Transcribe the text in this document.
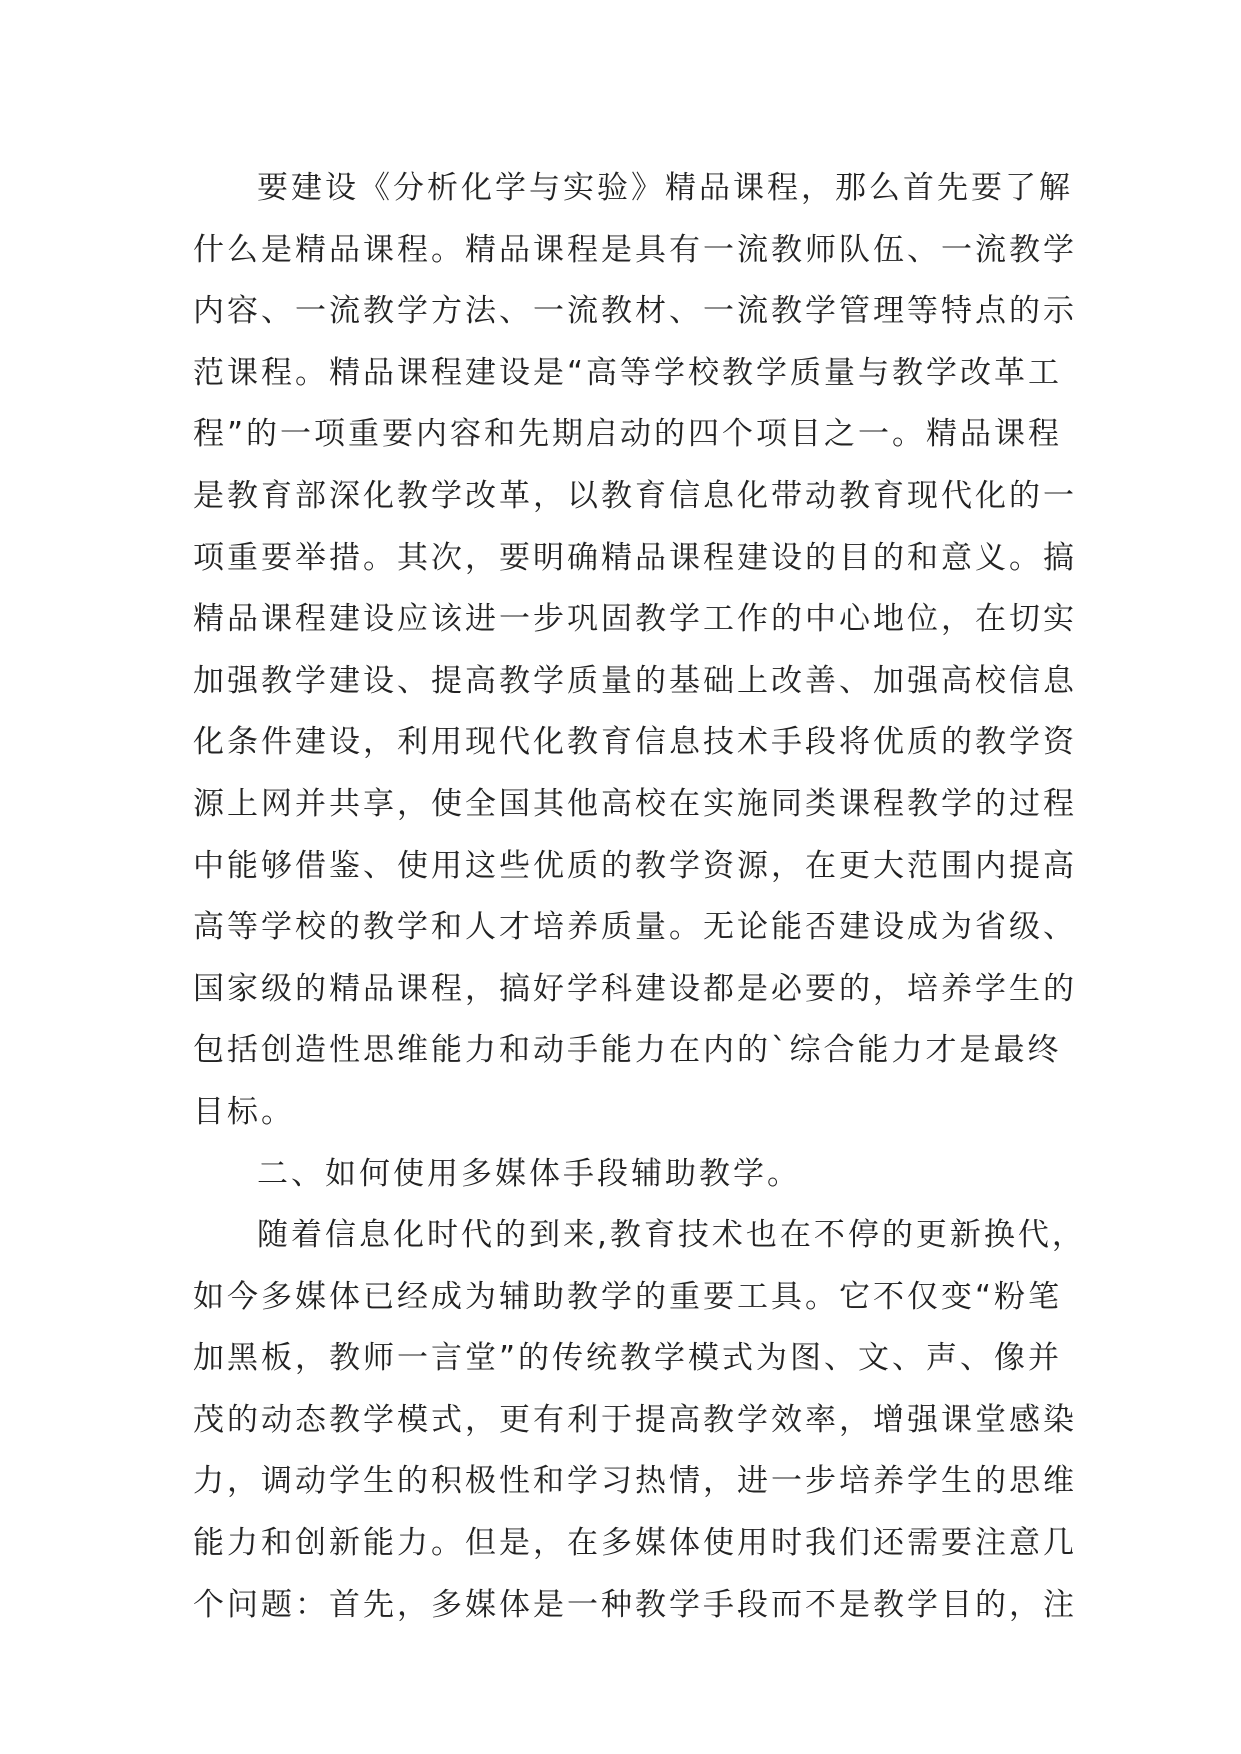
要建设《分析化学与实验》精品课程，那么首先要了解
什么是精品课程。精品课程是具有一流教师队伍、一流教学
内容、一流教学方法、一流教材、一流教学管理等特点的示
范课程。精品课程建设是“高等学校教学质量与教学改革工
程”的一项重要内容和先期启动的四个项目之一。精品课程
是教育部深化教学改革，以教育信息化带动教育现代化的一
项重要举措。其次，要明确精品课程建设的目的和意义。搞
精品课程建设应该进一步巩固教学工作的中心地位，在切实
加强教学建设、提高教学质量的基础上改善、加强高校信息
化条件建设，利用现代化教育信息技术手段将优质的教学资
源上网并共享，使全国其他高校在实施同类课程教学的过程
中能够借鉴、使用这些优质的教学资源，在更大范围内提高
高等学校的教学和人才培养质量。无论能否建设成为省级、
国家级的精品课程，搞好学科建设都是必要的，培养学生的
包括创造性思维能力和动手能力在内的`综合能力才是最终
目标。
二、如何使用多媒体手段辅助教学。
随着信息化时代的到来,教育技术也在不停的更新换代，
如今多媒体已经成为辅助教学的重要工具。它不仅变“粉笔
加黑板，教师一言堂”的传统教学模式为图、文、声、像并
茂的动态教学模式，更有利于提高教学效率，增强课堂感染
力，调动学生的积极性和学习热情，进一步培养学生的思维
能力和创新能力。但是，在多媒体使用时我们还需要注意几
个问题：首先，多媒体是一种教学手段而不是教学目的，注
